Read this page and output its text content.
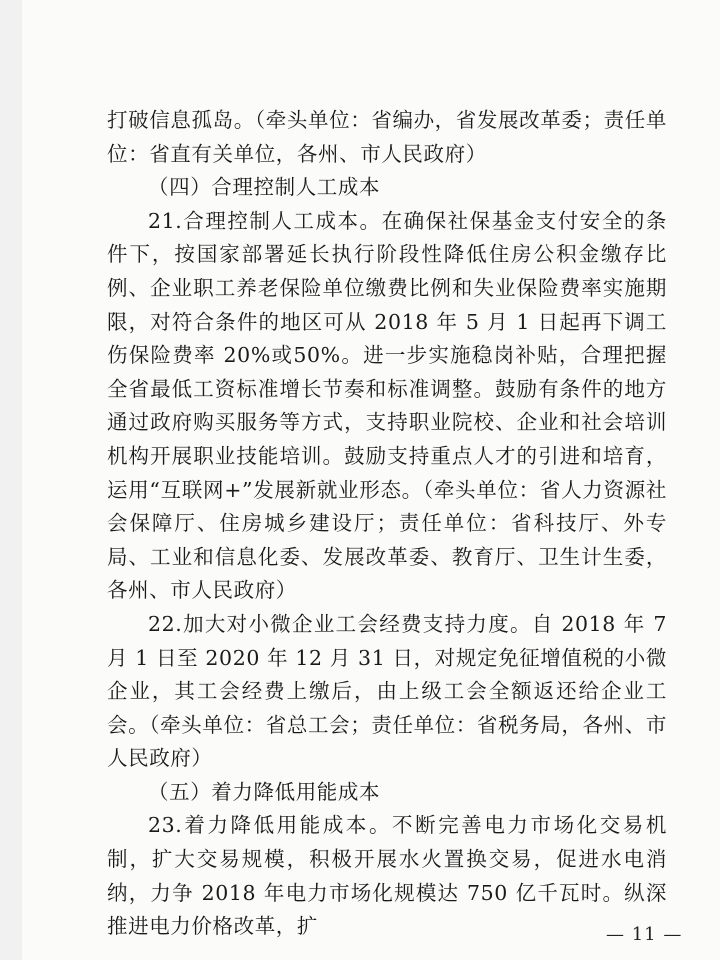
打破信息孤岛。（牵头单位：省编办，省发展改革委；责任单位：省直有关单位，各州、市人民政府）

（四）合理控制人工成本

21.合理控制人工成本。在确保社保基金支付安全的条件下，按国家部署延长执行阶段性降低住房公积金缴存比例、企业职工养老保险单位缴费比例和失业保险费率实施期限，对符合条件的地区可从 2018 年 5 月 1 日起再下调工伤保险费率 20%或50%。进一步实施稳岗补贴，合理把握全省最低工资标准增长节奏和标准调整。鼓励有条件的地方通过政府购买服务等方式，支持职业院校、企业和社会培训机构开展职业技能培训。鼓励支持重点人才的引进和培育，运用“互联网+”发展新就业形态。（牵头单位：省人力资源社会保障厅、住房城乡建设厅；责任单位：省科技厅、外专局、工业和信息化委、发展改革委、教育厅、卫生计生委，各州、市人民政府）

22.加大对小微企业工会经费支持力度。自 2018 年 7 月 1 日至 2020 年 12 月 31 日，对规定免征增值税的小微企业，其工会经费上缴后，由上级工会全额返还给企业工会。（牵头单位：省总工会；责任单位：省税务局，各州、市人民政府）

（五）着力降低用能成本

23.着力降低用能成本。不断完善电力市场化交易机制，扩大交易规模，积极开展水火置换交易，促进水电消纳，力争 2018 年电力市场化规模达 750 亿千瓦时。纵深推进电力价格改革，扩	— 11 —
